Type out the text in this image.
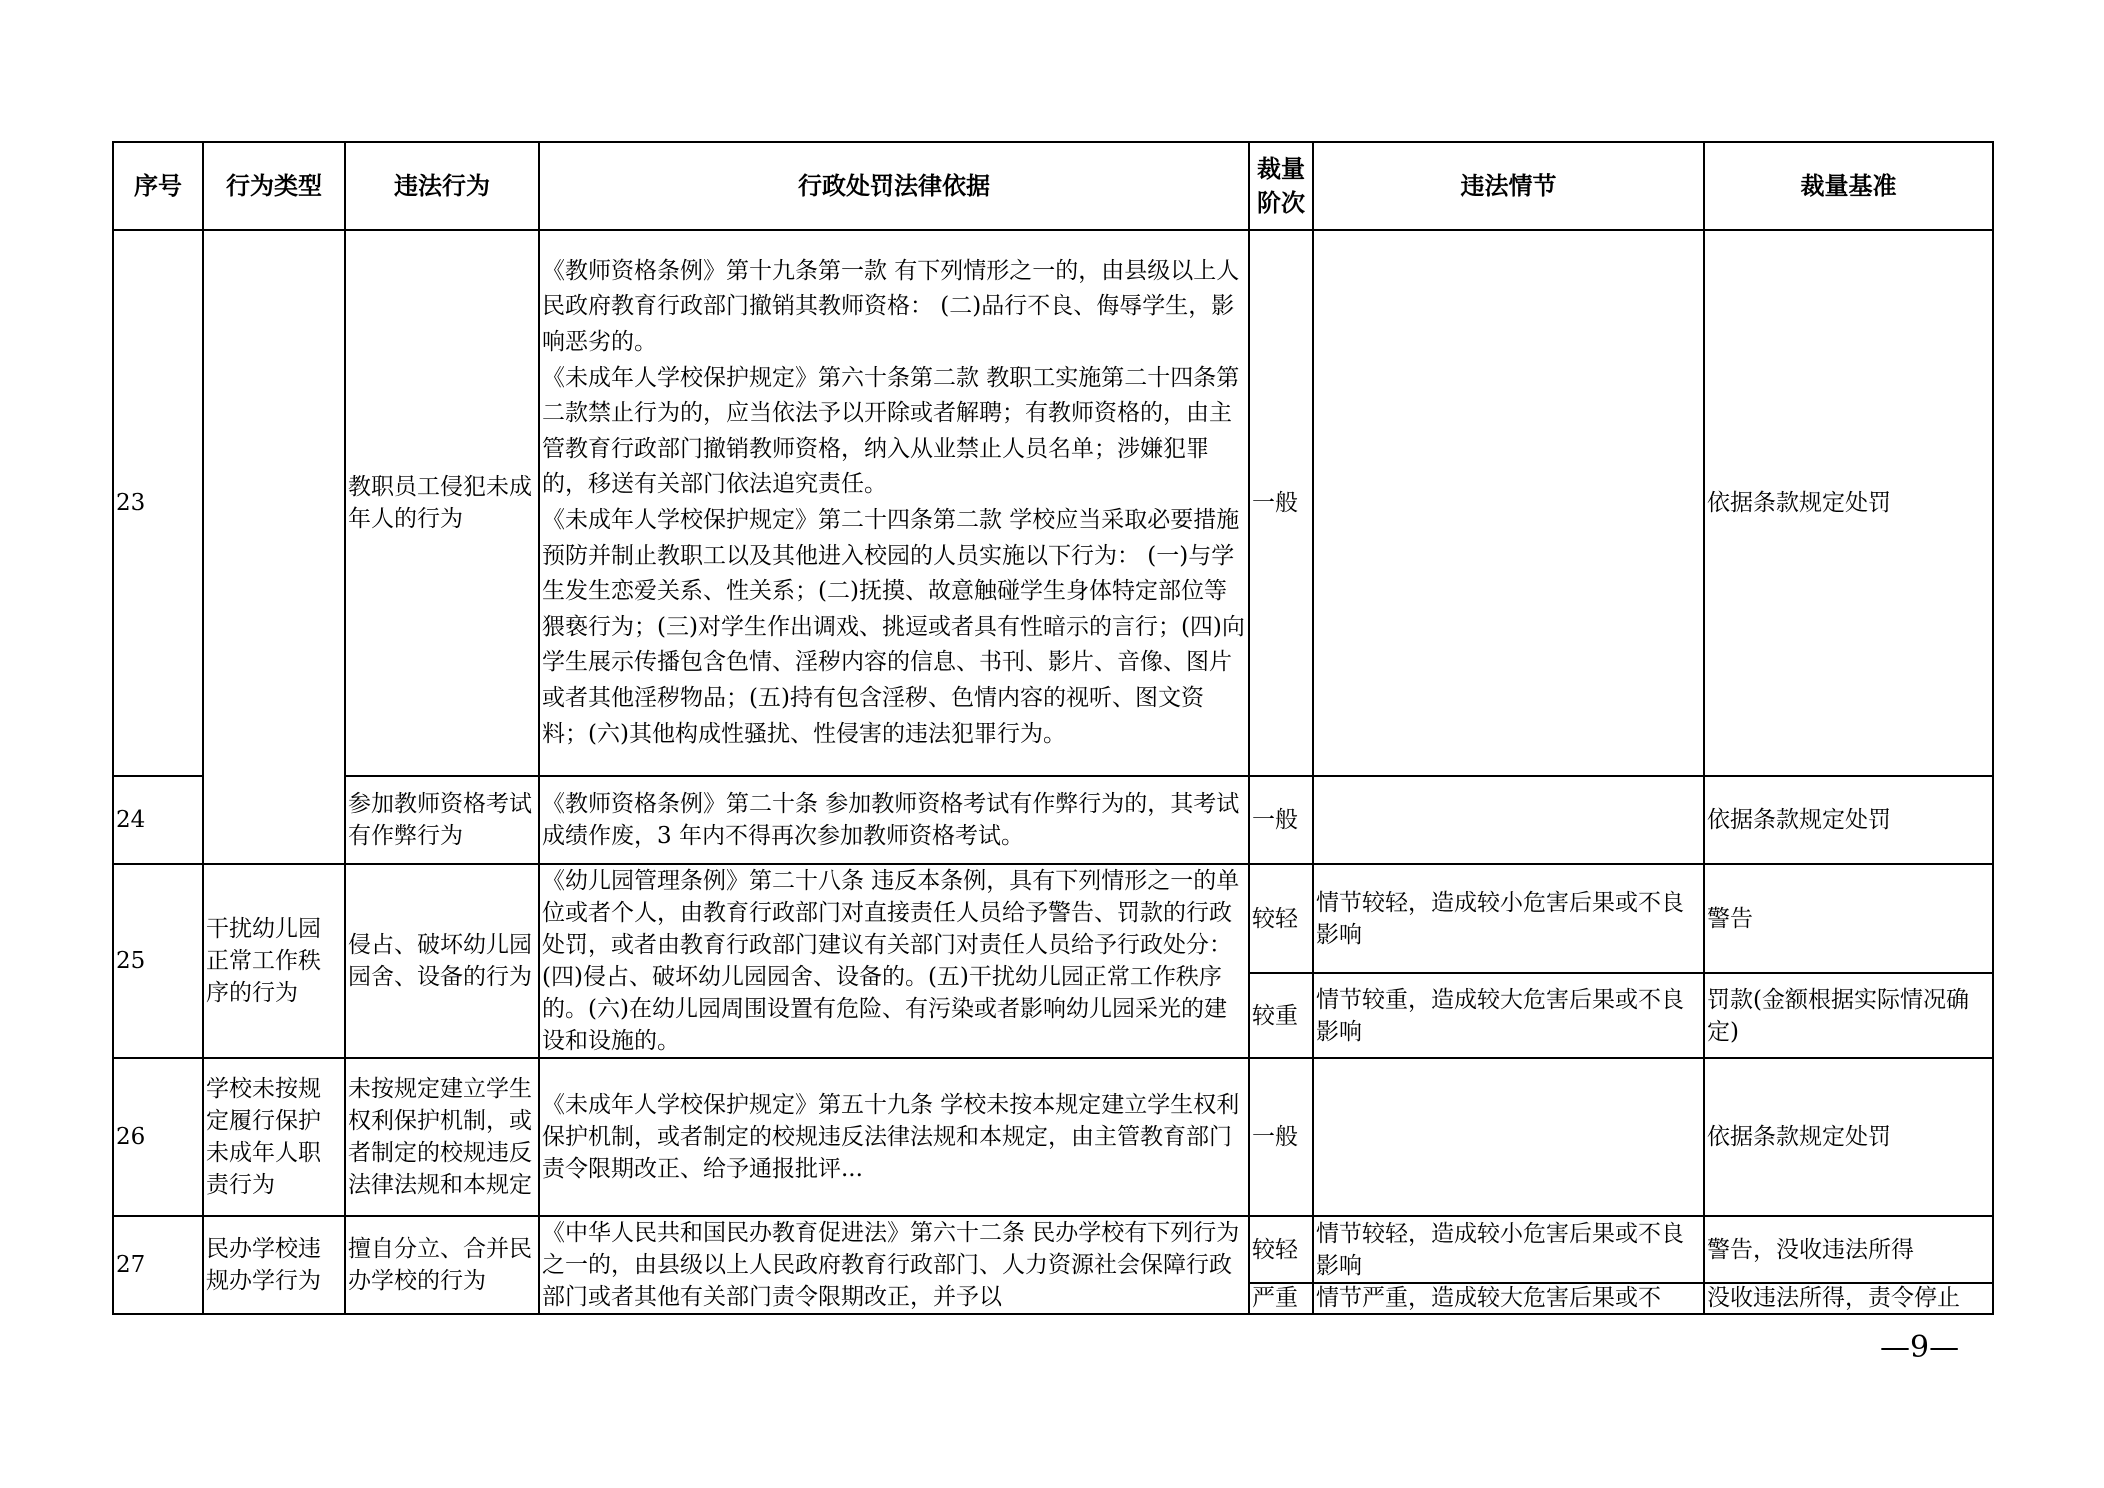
序号	行为类型	违法行为	行政处罚法律依据	裁量阶次	违法情节	裁量基准
23		教职员工侵犯未成年人的行为	《教师资格条例》第十九条第一款 有下列情形之一的，由县级以上人民政府教育行政部门撤销其教师资格： (二)品行不良、侮辱学生，影响恶劣的。
《未成年人学校保护规定》第六十条第二款 教职工实施第二十四条第二款禁止行为的，应当依法予以开除或者解聘；有教师资格的，由主管教育行政部门撤销教师资格，纳入从业禁止人员名单；涉嫌犯罪的，移送有关部门依法追究责任。
《未成年人学校保护规定》第二十四条第二款 学校应当采取必要措施预防并制止教职工以及其他进入校园的人员实施以下行为： (一)与学生发生恋爱关系、性关系；(二)抚摸、故意触碰学生身体特定部位等猥亵行为；(三)对学生作出调戏、挑逗或者具有性暗示的言行；(四)向学生展示传播包含色情、淫秽内容的信息、书刊、影片、音像、图片或者其他淫秽物品；(五)持有包含淫秽、色情内容的视听、图文资料；(六)其他构成性骚扰、性侵害的违法犯罪行为。	一般		依据条款规定处罚
24		参加教师资格考试有作弊行为	《教师资格条例》第二十条 参加教师资格考试有作弊行为的，其考试成绩作废，3 年内不得再次参加教师资格考试。	一般		依据条款规定处罚
25	干扰幼儿园正常工作秩序的行为	侵占、破坏幼儿园园舍、设备的行为	《幼儿园管理条例》第二十八条 违反本条例，具有下列情形之一的单位或者个人，由教育行政部门对直接责任人员给予警告、罚款的行政处罚，或者由教育行政部门建议有关部门对责任人员给予行政处分：(四)侵占、破坏幼儿园园舍、设备的。(五)干扰幼儿园正常工作秩序的。(六)在幼儿园周围设置有危险、有污染或者影响幼儿园采光的建设和设施的。	较轻	情节较轻，造成较小危害后果或不良影响	警告
				较重	情节较重，造成较大危害后果或不良影响	罚款(金额根据实际情况确定)
26	学校未按规定履行保护未成年人职责行为	未按规定建立学生权利保护机制，或者制定的校规违反法律法规和本规定	《未成年人学校保护规定》第五十九条 学校未按本规定建立学生权利保护机制，或者制定的校规违反法律法规和本规定，由主管教育部门责令限期改正、给予通报批评...	一般		依据条款规定处罚
27	民办学校违规办学行为	擅自分立、合并民办学校的行为	《中华人民共和国民办教育促进法》第六十二条 民办学校有下列行为之一的，由县级以上人民政府教育行政部门、人力资源社会保障行政部门或者其他有关部门责令限期改正，并予以	较轻	情节较轻，造成较小危害后果或不良影响	警告，没收违法所得
				严重	情节严重，造成较大危害后果或不	没收违法所得，责令停止
—9—
